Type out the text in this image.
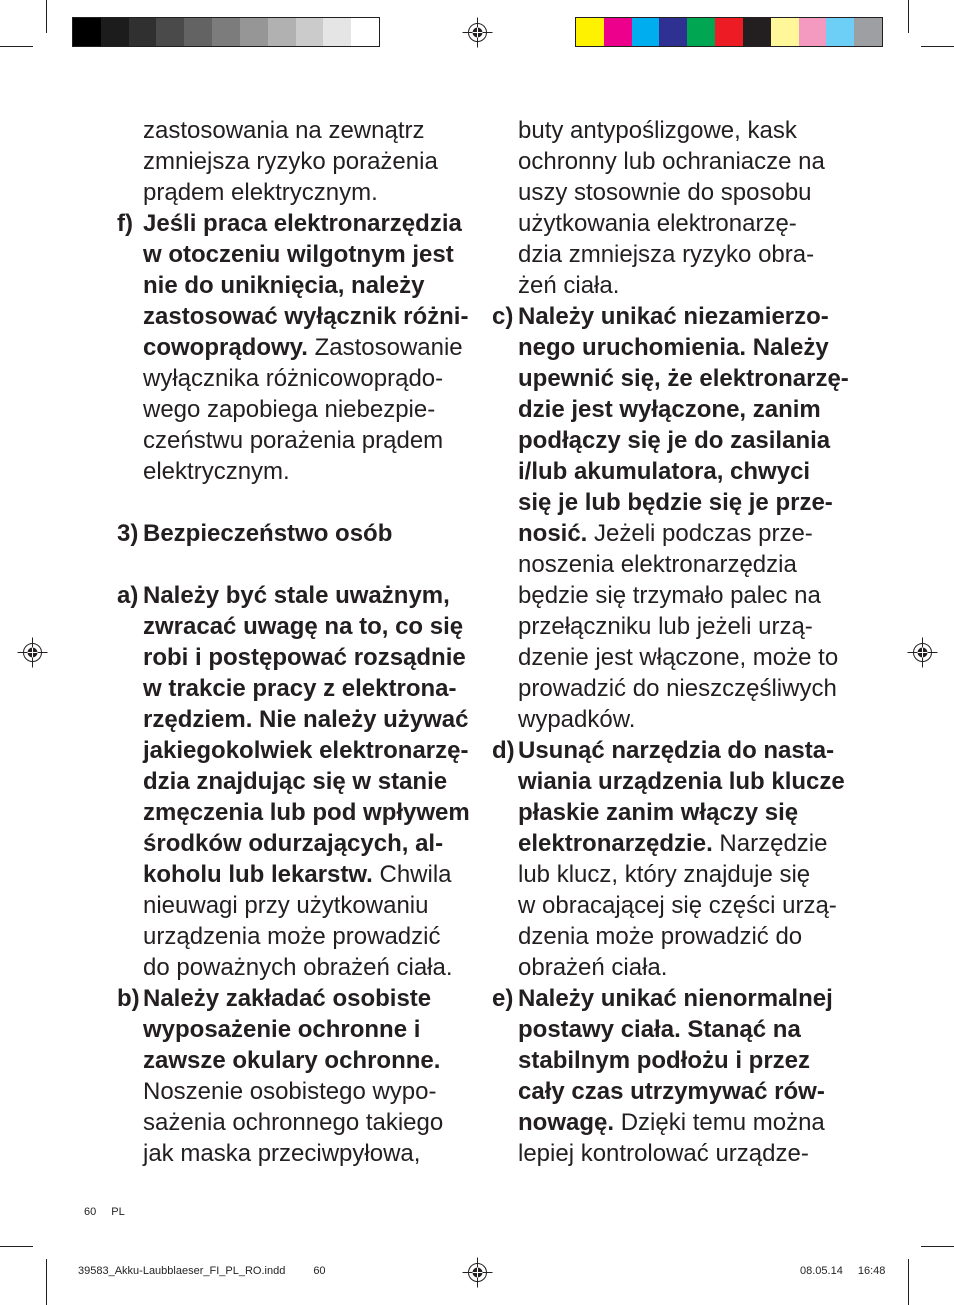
zastosowania na zewnątrz
zmniejsza ryzyko porażenia
prądem elektrycznym.
f) Jeśli praca elektronarzędzia
w otoczeniu wilgotnym jest
nie do uniknięcia, należy
zastosować wyłącznik różni-
cowoprądowy. Zastosowanie
wyłącznika różnicowoprądo-
wego zapobiega niebezpie-
czeństwu porażenia prądem
elektrycznym.
3) Bezpieczeństwo osób
a) Należy być stale uważnym,
zwracać uwagę na to, co się
robi i postępować rozsądnie
w trakcie pracy z elektrona-
rzędziem. Nie należy używać
jakiegokolwiek elektronarzę-
dzia znajdując się w stanie
zmęczenia lub pod wpływem
środków odurzających, al-
koholu lub lekarstw. Chwila
nieuwagi przy użytkowaniu
urządzenia może prowadzić
do poważnych obrażeń ciała.
b) Należy zakładać osobiste
wyposażenie ochronne i
zawsze okulary ochronne.
Noszenie osobistego wypo-
sażenia ochronnego takiego
jak maska przeciwpyłowa,
buty antypoślizgowe, kask
ochronny lub ochraniacze na
uszy stosownie do sposobu
użytkowania elektronarzę-
dzia zmniejsza ryzyko obra-
żeń ciała.
c) Należy unikać niezamierzo-
nego uruchomienia. Należy
upewnić się, że elektronarzę-
dzie jest wyłączone, zanim
podłączy się je do zasilania
i/lub akumulatora, chwyci
się je lub będzie się je prze-
nosić. Jeżeli podczas prze-
noszenia elektronarzędzia
będzie się trzymało palec na
przełączniku lub jeżeli urzą-
dzenie jest włączone, może to
prowadzić do nieszczęśliwych
wypadków.
d) Usunąć narzędzia do nasta-
wiania urządzenia lub klucze
płaskie zanim włączy się
elektronarzędzie. Narzędzie
lub klucz, który znajduje się
w obracającej się części urzą-
dzenia może prowadzić do
obrażeń ciała.
e) Należy unikać nienormalnej
postawy ciała. Stanąć na
stabilnym podłożu i przez
cały czas utrzymywać rów-
nowagę. Dzięki temu można
lepiej kontrolować urządze-
60 PL
39583_Akku-Laubblaeser_FI_PL_RO.indd	60	08.05.14 16:48
